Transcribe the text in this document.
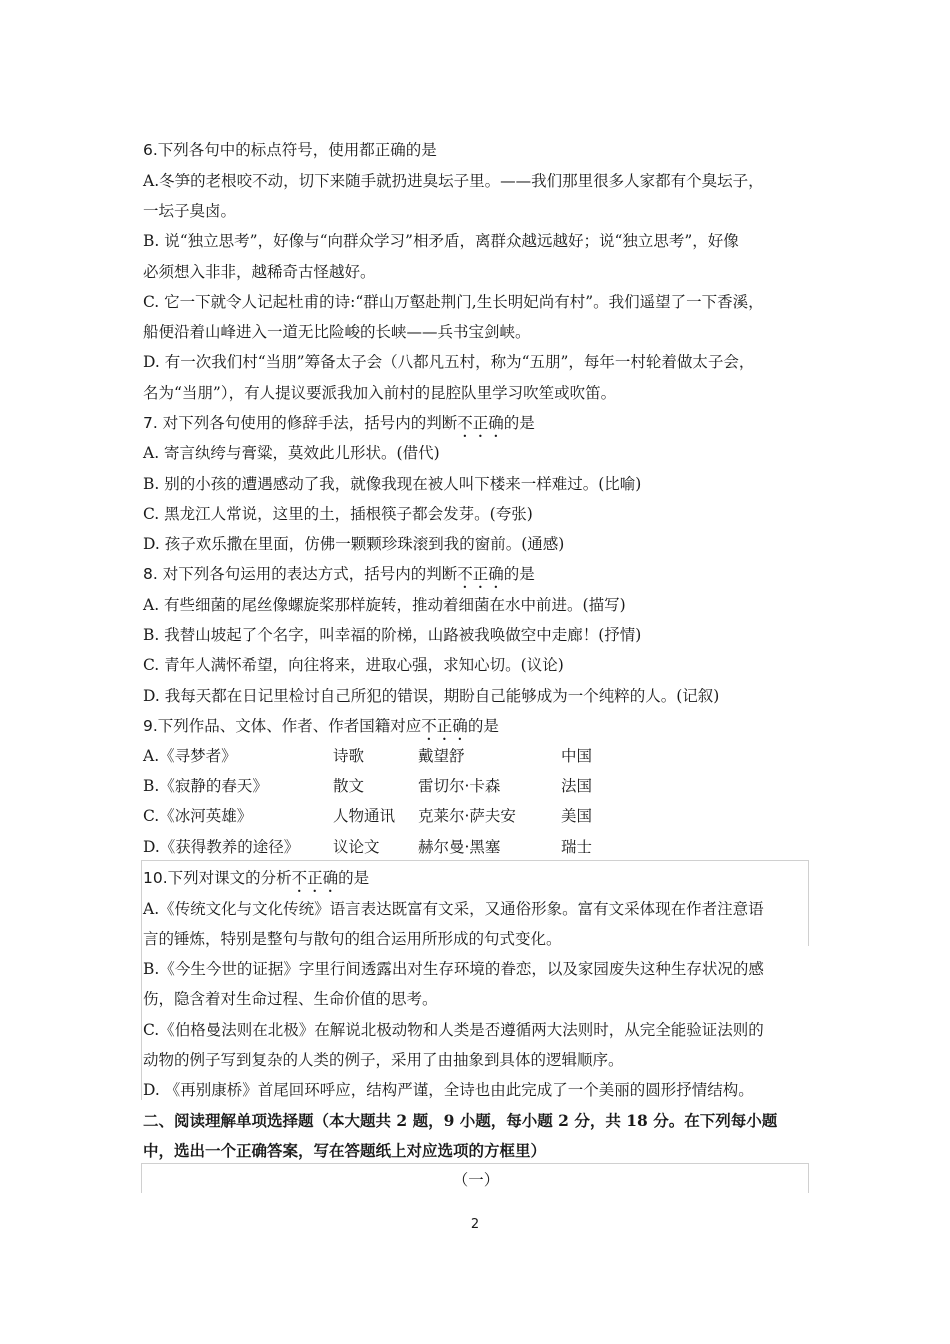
6.下列各句中的标点符号，使用都正确的是
A.冬笋的老根咬不动，切下来随手就扔进臭坛子里。——我们那里很多人家都有个臭坛子，
一坛子臭卤。
B. 说“独立思考”，好像与“向群众学习”相矛盾，离群众越远越好；说“独立思考”，好像
必须想入非非，越稀奇古怪越好。
C. 它一下就令人记起杜甫的诗:“群山万壑赴荆门,生长明妃尚有村”。我们遥望了一下香溪，
船便沿着山峰进入一道无比险峻的长峡——兵书宝剑峡。
D. 有一次我们村“当朋”筹备太子会（八都凡五村，称为“五朋”，每年一村轮着做太子会，
名为“当朋”），有人提议要派我加入前村的昆腔队里学习吹笙或吹笛。
7. 对下列各句使用的修辞手法，括号内的判断不正确的是
A. 寄言纨绔与膏粱，莫效此儿形状。(借代)
B. 别的小孩的遭遇感动了我，就像我现在被人叫下楼来一样难过。(比喻)
C. 黑龙江人常说，这里的土，插根筷子都会发芽。(夸张)
D. 孩子欢乐撒在里面，仿佛一颗颗珍珠滚到我的窗前。(通感)
8. 对下列各句运用的表达方式，括号内的判断不正确的是
A. 有些细菌的尾丝像螺旋桨那样旋转，推动着细菌在水中前进。(描写)
B. 我替山坡起了个名字，叫幸福的阶梯，山路被我唤做空中走廊！(抒情)
C. 青年人满怀希望，向往将来，进取心强，求知心切。(议论)
D. 我每天都在日记里检讨自己所犯的错误，期盼自己能够成为一个纯粹的人。(记叙)
9.下列作品、文体、作者、作者国籍对应不正确的是
A.《寻梦者》	诗歌	戴望舒	中国
B.《寂静的春天》	散文	雷切尔·卡森	法国
C.《冰河英雄》	人物通讯 克莱尔·萨夫安	美国
D.《获得教养的途径》 议论文 赫尔曼·黑塞	瑞士
10.下列对课文的分析不正确的是
A.《传统文化与文化传统》语言表达既富有文采，又通俗形象。富有文采体现在作者注意语
言的锤炼，特别是整句与散句的组合运用所形成的句式变化。
B.《今生今世的证据》字里行间透露出对生存环境的眷恋，以及家园废失这种生存状况的感
伤，隐含着对生命过程、生命价值的思考。
C.《伯格曼法则在北极》在解说北极动物和人类是否遵循两大法则时，从完全能验证法则的
动物的例子写到复杂的人类的例子，采用了由抽象到具体的逻辑顺序。
D. 《再别康桥》首尾回环呼应，结构严谨，全诗也由此完成了一个美丽的圆形抒情结构。
二、阅读理解单项选择题（本大题共 2 题，9 小题，每小题 2 分，共 18 分。在下列每小题
中，选出一个正确答案，写在答题纸上对应选项的方框里）
（一）
2
